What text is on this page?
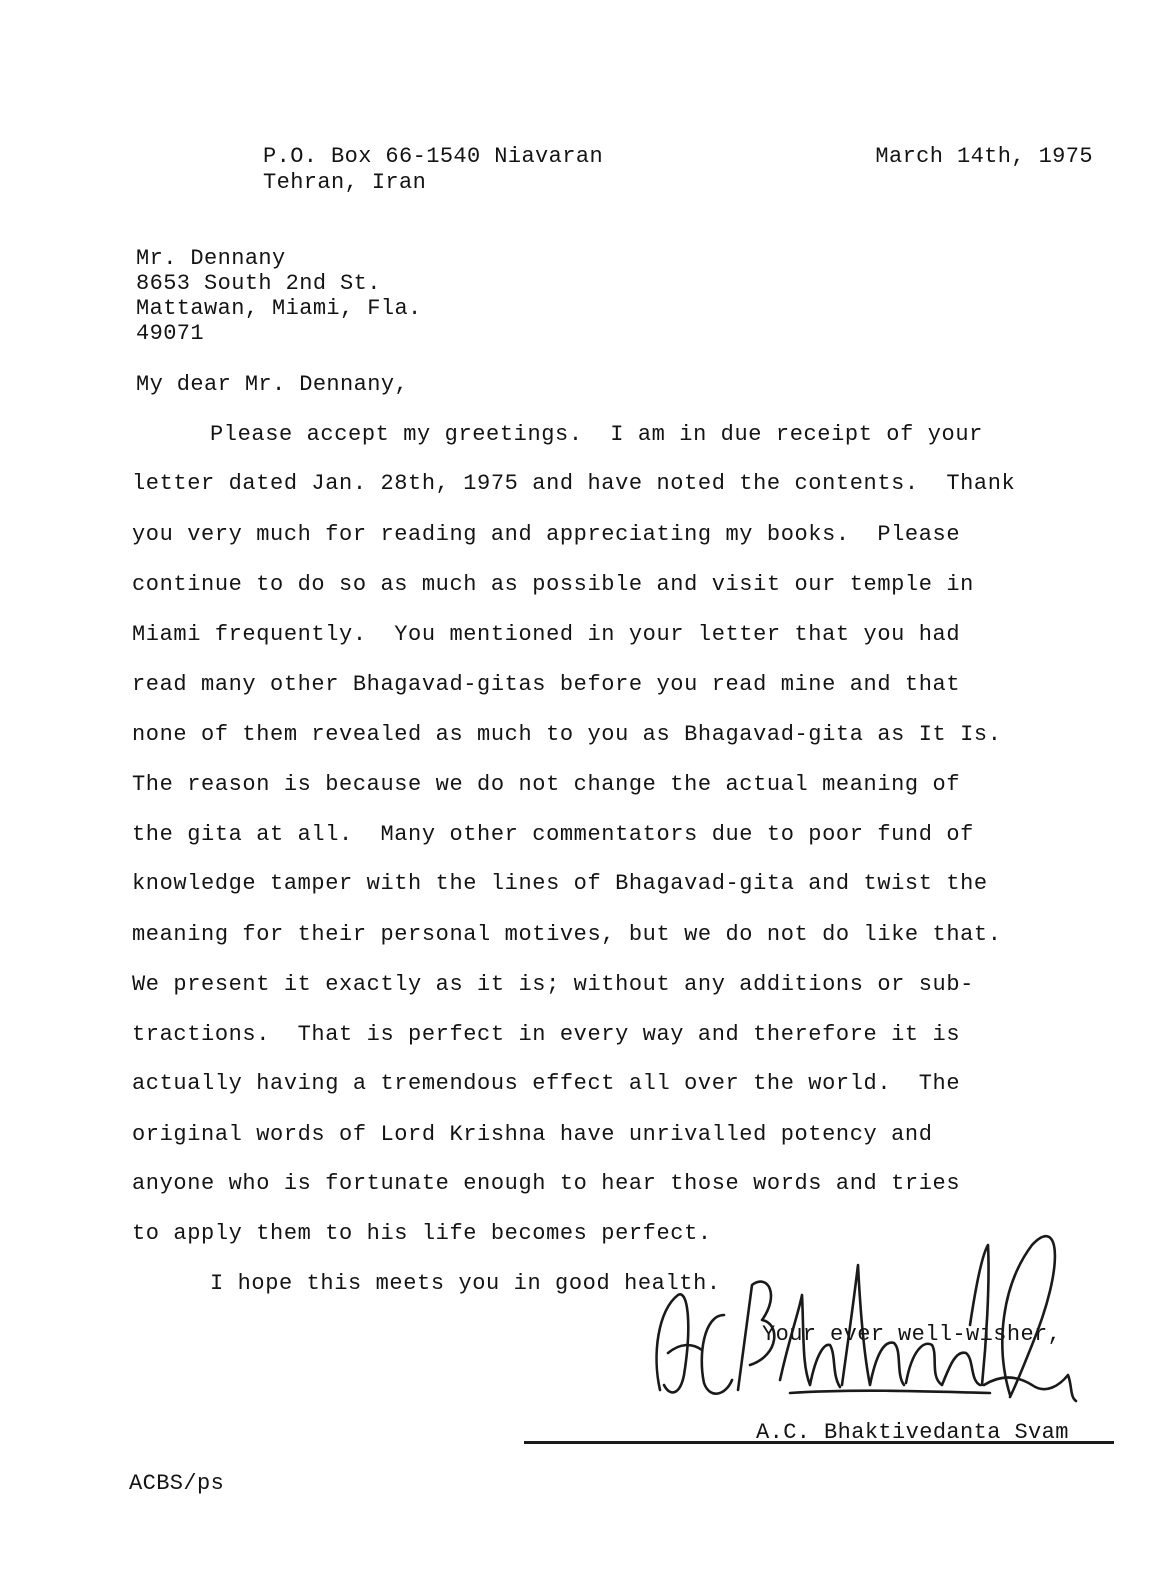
P.O. Box 66-1540 Niavaran
Tehran, Iran
March 14th, 1975
Mr. Dennany
8653 South 2nd St.
Mattawan, Miami, Fla.
49071
My dear Mr. Dennany,
Please accept my greetings.  I am in due receipt of your
letter dated Jan. 28th, 1975 and have noted the contents.  Thank
you very much for reading and appreciating my books.  Please
continue to do so as much as possible and visit our temple in
Miami frequently.  You mentioned in your letter that you had
read many other Bhagavad-gitas before you read mine and that
none of them revealed as much to you as Bhagavad-gita as It Is.
The reason is because we do not change the actual meaning of
the gita at all.  Many other commentators due to poor fund of
knowledge tamper with the lines of Bhagavad-gita and twist the
meaning for their personal motives, but we do not do like that.
We present it exactly as it is; without any additions or sub-
tractions.  That is perfect in every way and therefore it is
actually having a tremendous effect all over the world.  The
original words of Lord Krishna have unrivalled potency and
anyone who is fortunate enough to hear those words and tries
to apply them to his life becomes perfect.
I hope this meets you in good health.
Your ever well-wisher,
A.C. Bhaktivedanta Svam
ACBS/ps
